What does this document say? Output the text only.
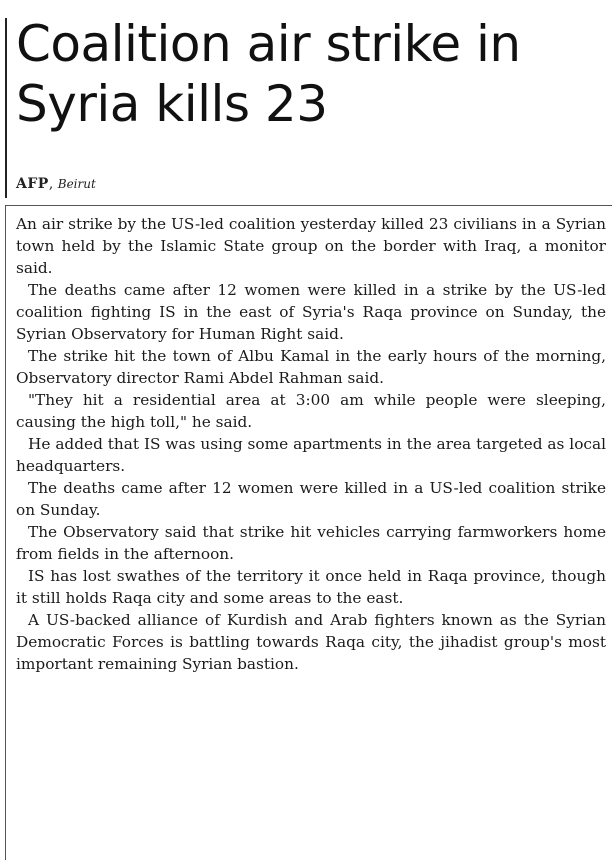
Coalition air strike in Syria kills 23
AFP, Beirut

An air strike by the US-led coalition yesterday killed 23 civilians in a Syrian town held by the Islamic State group on the border with Iraq, a monitor said.

The deaths came after 12 women were killed in a strike by the US-led coalition fighting IS in the east of Syria's Raqa province on Sunday, the Syrian Observatory for Human Right said.

The strike hit the town of Albu Kamal in the early hours of the morning, Observatory director Rami Abdel Rahman said.

"They hit a residential area at 3:00 am while people were sleeping, causing the high toll," he said.

He added that IS was using some apartments in the area targeted as local headquarters.

The deaths came after 12 women were killed in a US-led coalition strike on Sunday.

The Observatory said that strike hit vehicles carrying farmworkers home from fields in the afternoon.

IS has lost swathes of the territory it once held in Raqa province, though it still holds Raqa city and some areas to the east.

A US-backed alliance of Kurdish and Arab fighters known as the Syrian Democratic Forces is battling towards Raqa city, the jihadist group's most important remaining Syrian bastion.
